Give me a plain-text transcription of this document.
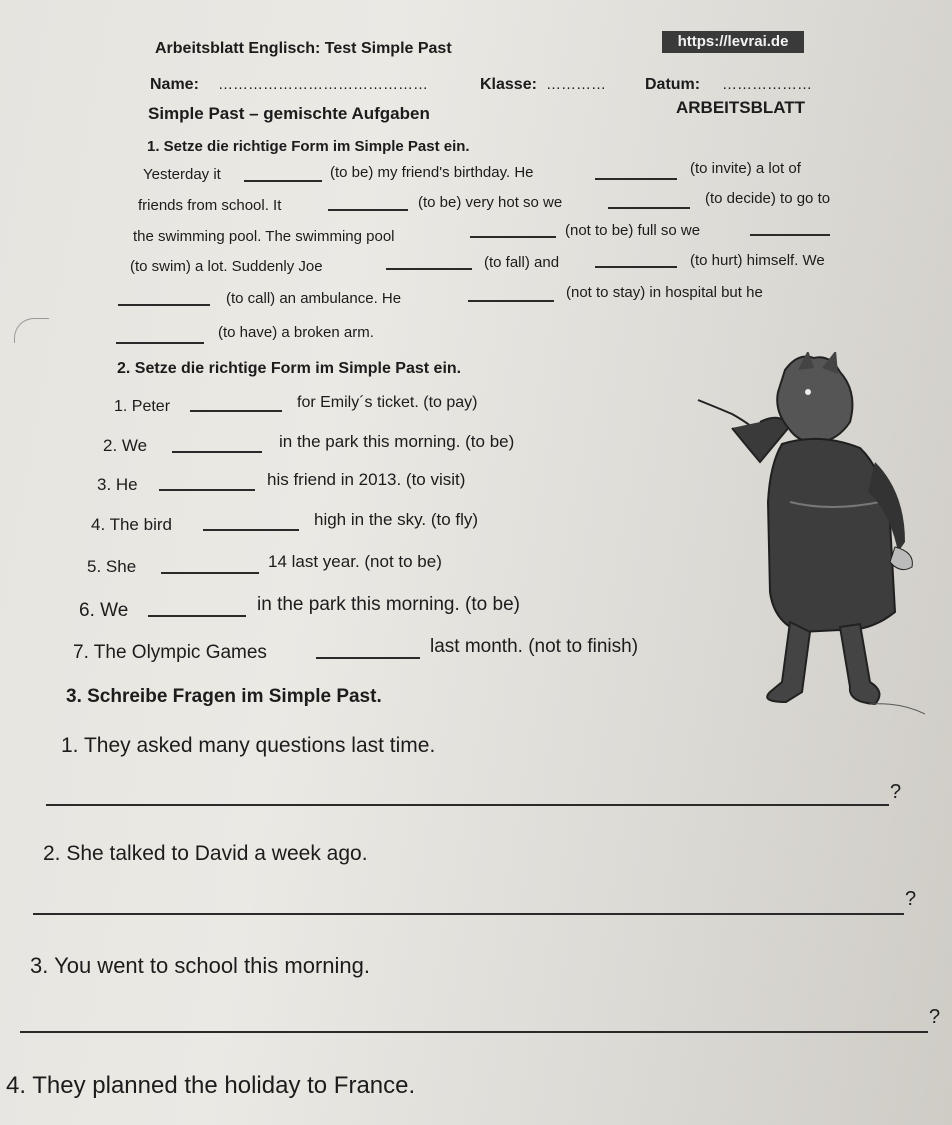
Arbeitsblatt Englisch: Test Simple Past	https://levrai.de
Name: ……………………………………	Klasse: ………… Datum: ………………
Simple Past – gemischte Aufgaben	ARBEITSBLATT
1. Setze die richtige Form im Simple Past ein.
Yesterday it	(to be) my friend's birthday. He	(to invite) a lot of
friends from school. It	(to be) very hot so we	(to decide) to go to
the swimming pool. The swimming pool	(not to be) full so we
(to swim) a lot. Suddenly Joe	(to fall) and	(to hurt) himself. We
(to call) an ambulance. He	(not to stay) in hospital but he
(to have) a broken arm.
2. Setze die richtige Form im Simple Past ein.
1. Peter	for Emily´s ticket. (to pay)
2. We	in the park this morning. (to be)
3. He	his friend in 2013. (to visit)
4. The bird	high in the sky. (to fly)
5. She	14 last year. (not to be)
6. We	in the park this morning. (to be)
7. The Olympic Games	last month. (not to finish)
3. Schreibe Fragen im Simple Past.
1. They asked many questions last time.
?
2. She talked to David a week ago.
?
3. You went to school this morning.
?
4. They planned the holiday to France.
